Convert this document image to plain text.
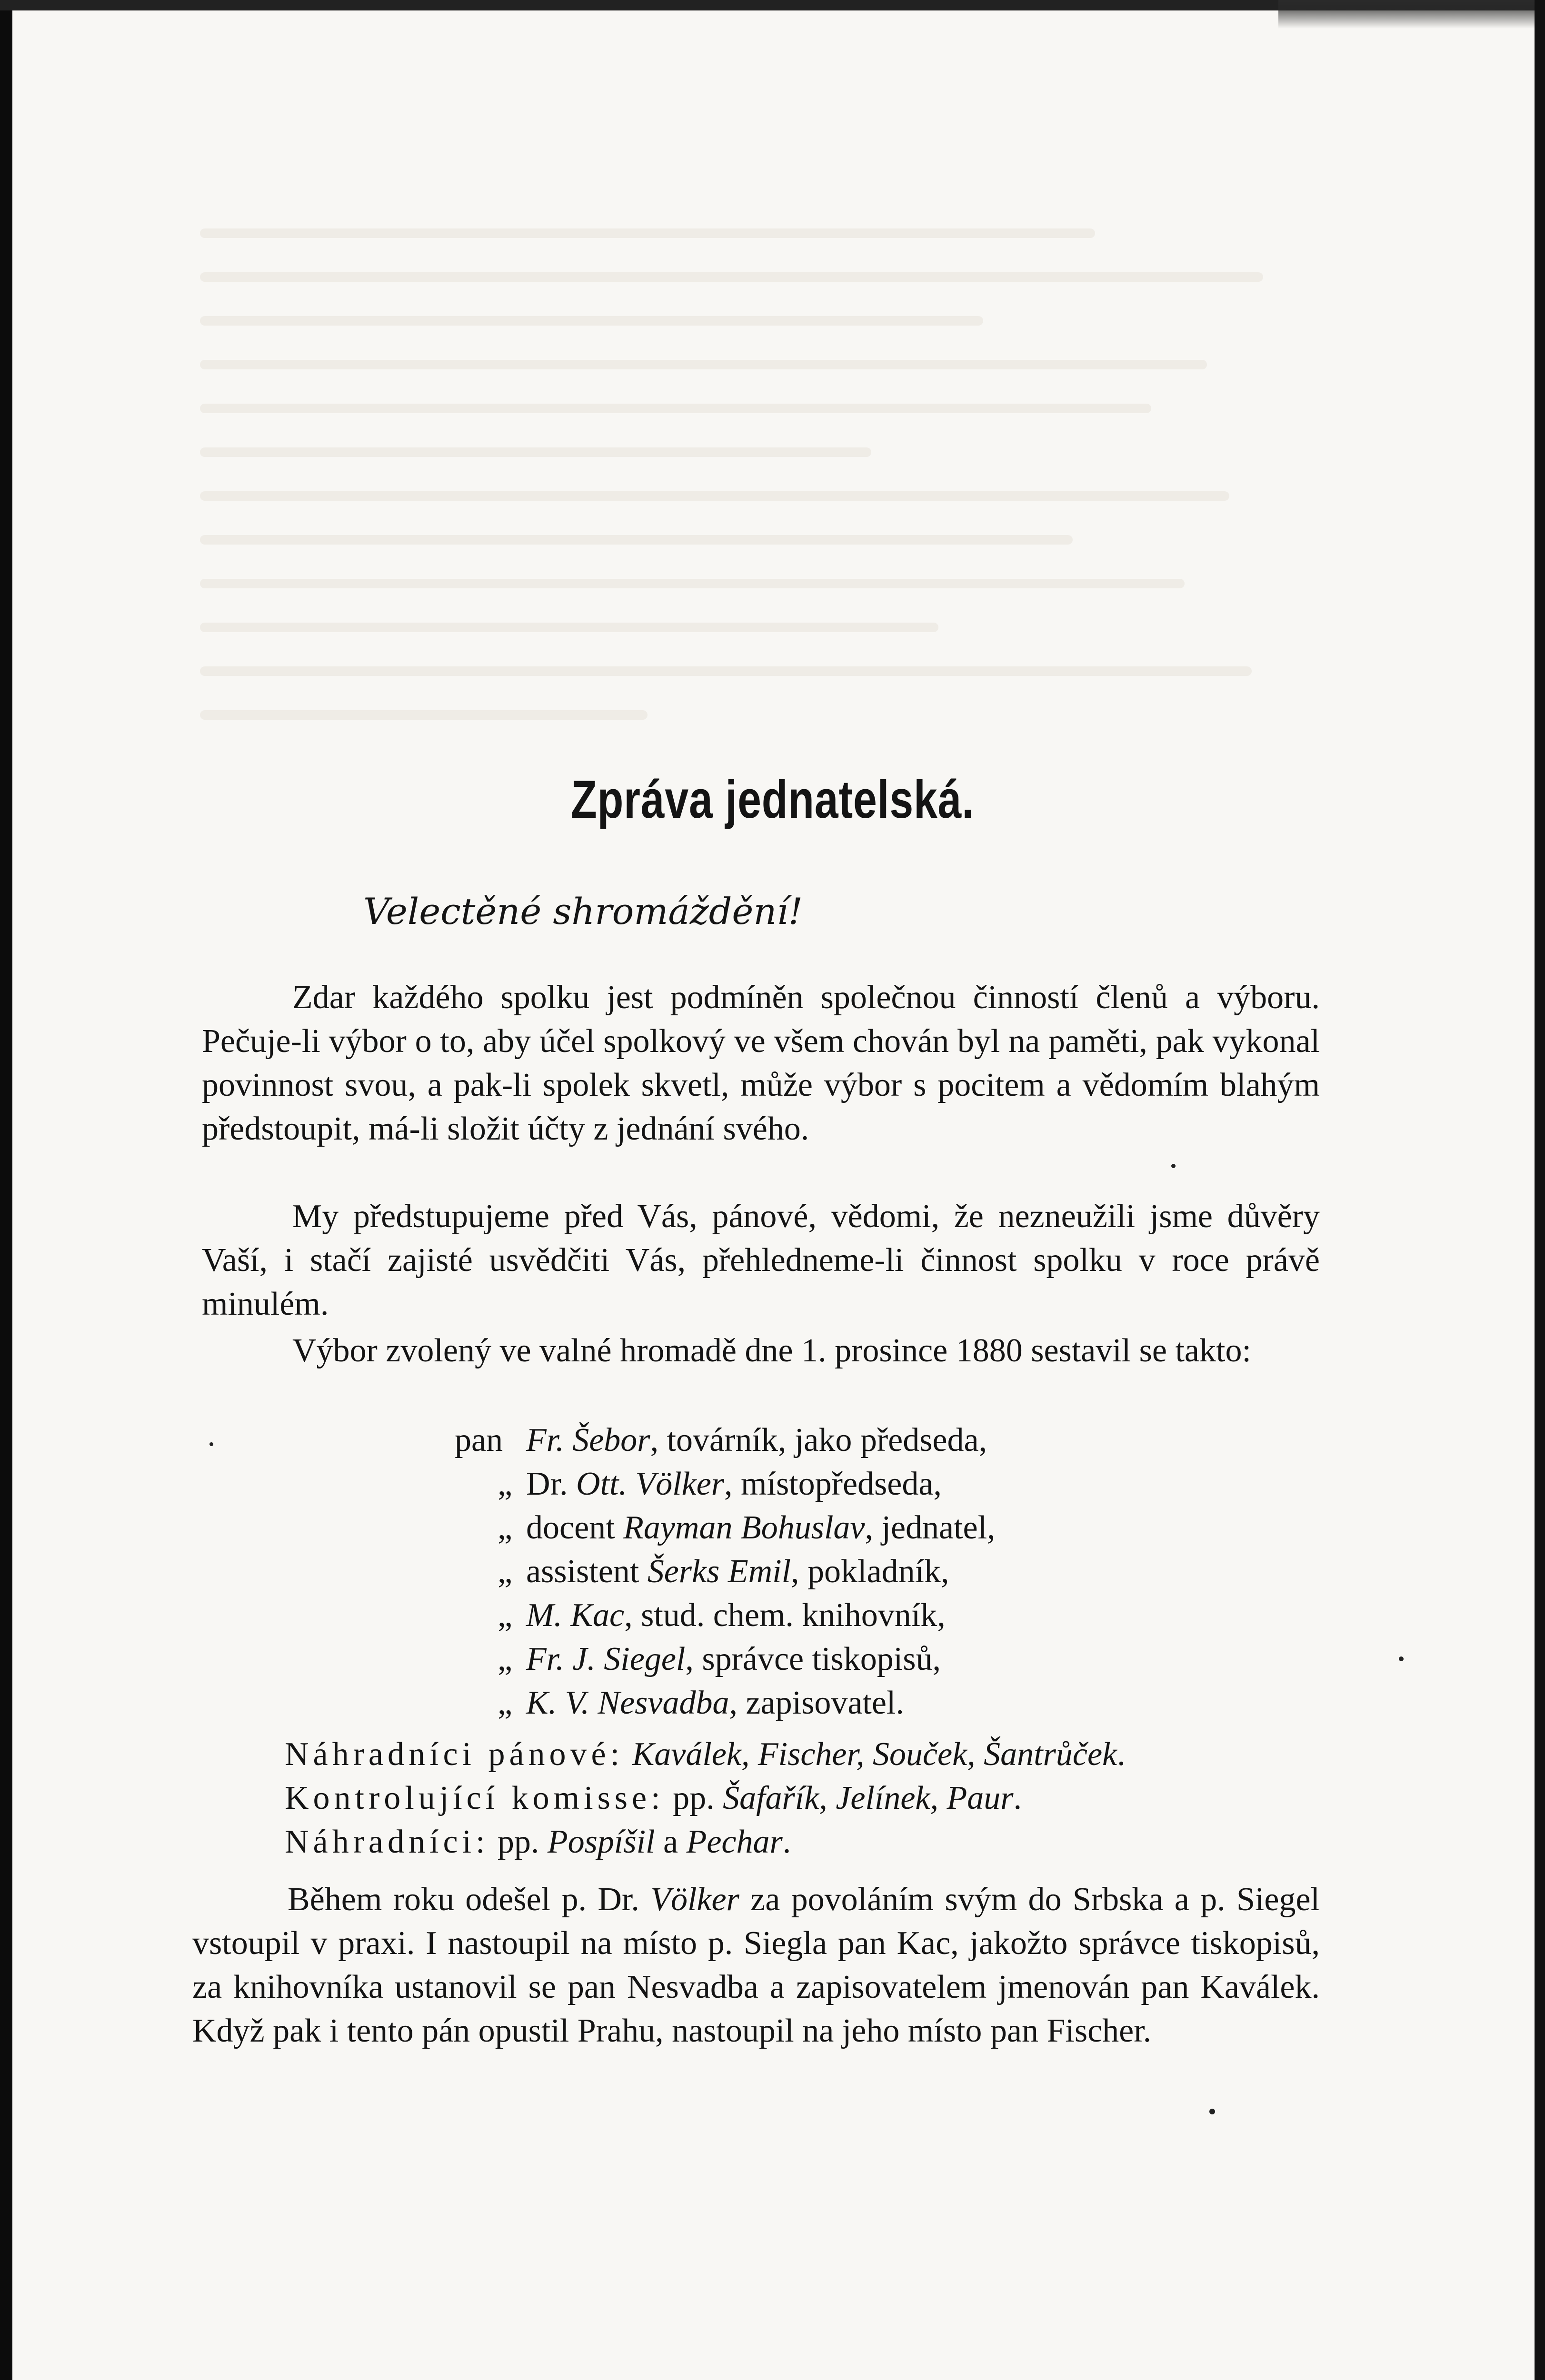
Zpráva jednatelská.
Velectěné shromáždění!
Zdar každého spolku jest podmíněn společnou činností členů a výboru. Pečuje-li výbor o to, aby účel spolkový ve všem chován byl na paměti, pak vykonal povinnost svou, a pak-li spolek skvetl, může výbor s pocitem a vědomím blahým předstoupit, má-li složit účty z jednání svého.
My předstupujeme před Vás, pánové, vědomi, že nezneužili jsme důvěry Vaší, i stačí zajisté usvědčiti Vás, přehledneme-li činnost spolku v roce právě minulém.
Výbor zvolený ve valné hromadě dne 1. prosince 1880 sestavil se takto:
pan Fr. Šebor, továrník, jako předseda,
„ Dr. Ott. Völker, místopředseda,
„ docent Rayman Bohuslav, jednatel,
„ assistent Šerks Emil, pokladník,
„ M. Kac, stud. chem. knihovník,
„ Fr. J. Siegel, správce tiskopisů,
„ K. V. Nesvadba, zapisovatel.
Náhradníci pánové: Kaválek, Fischer, Souček, Šantrůček.
Kontrolující komisse: pp. Šafařík, Jelínek, Paur.
Náhradníci: pp. Pospíšil a Pechar.
Během roku odešel p. Dr. Völker za povoláním svým do Srbska a p. Siegel vstoupil v praxi. I nastoupil na místo p. Siegla pan Kac, jakožto správce tiskopisů, za knihovníka ustanovil se pan Nesvadba a zapisovatelem jmenován pan Kaválek. Když pak i tento pán opustil Prahu, nastoupil na jeho místo pan Fischer.
